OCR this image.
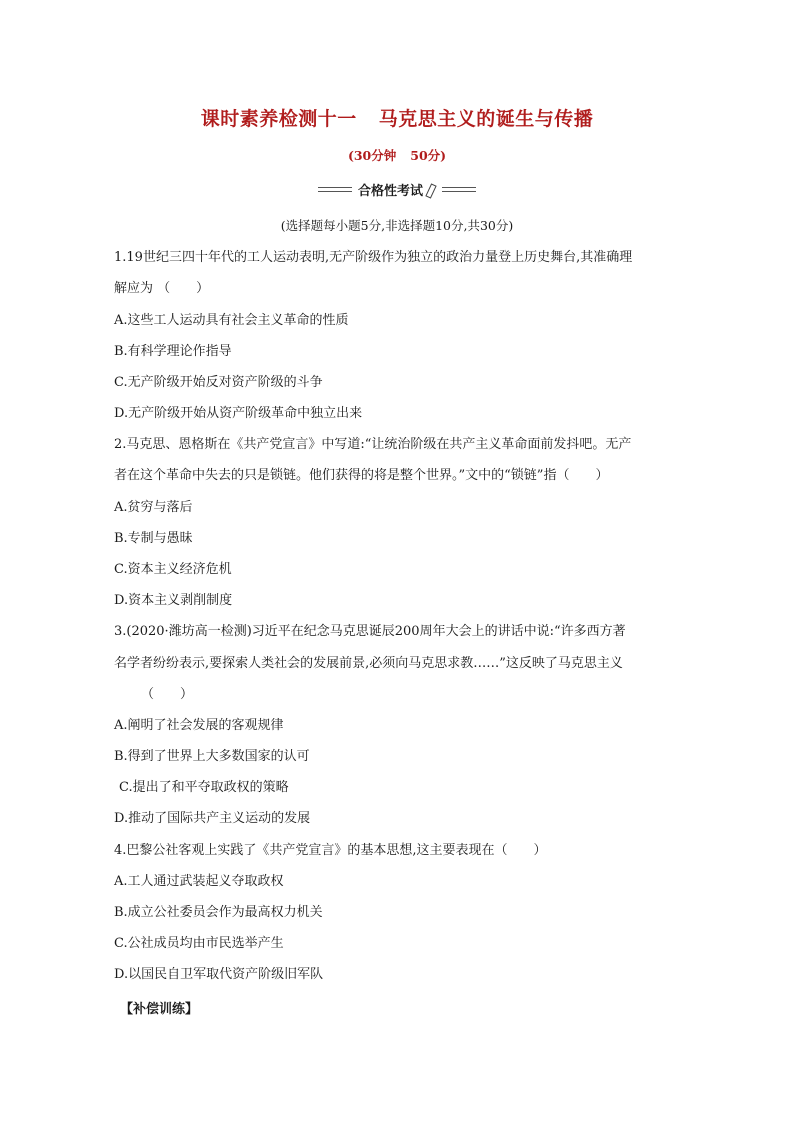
课时素养检测十一 马克思主义的诞生与传播
(30分钟 50分)
合格性考试
(选择题每小题5分,非选择题10分,共30分)
1.19世纪三四十年代的工人运动表明,无产阶级作为独立的政治力量登上历史舞台,其准确理
解应为 （　　）
A.这些工人运动具有社会主义革命的性质
B.有科学理论作指导
C.无产阶级开始反对资产阶级的斗争
D.无产阶级开始从资产阶级革命中独立出来
2.马克思、恩格斯在《共产党宣言》中写道:“让统治阶级在共产主义革命面前发抖吧。无产
者在这个革命中失去的只是锁链。他们获得的将是整个世界。”文中的“锁链”指（　　）
A.贫穷与落后
B.专制与愚昧
C.资本主义经济危机
D.资本主义剥削制度
3.(2020·潍坊高一检测)习近平在纪念马克思诞辰200周年大会上的讲话中说:“许多西方著
名学者纷纷表示,要探索人类社会的发展前景,必须向马克思求教……”这反映了马克思主义
（　　）
A.阐明了社会发展的客观规律
B.得到了世界上大多数国家的认可
C.提出了和平夺取政权的策略
D.推动了国际共产主义运动的发展
4.巴黎公社客观上实践了《共产党宣言》的基本思想,这主要表现在（　　）
A.工人通过武装起义夺取政权
B.成立公社委员会作为最高权力机关
C.公社成员均由市民选举产生
D.以国民自卫军取代资产阶级旧军队
【补偿训练】
